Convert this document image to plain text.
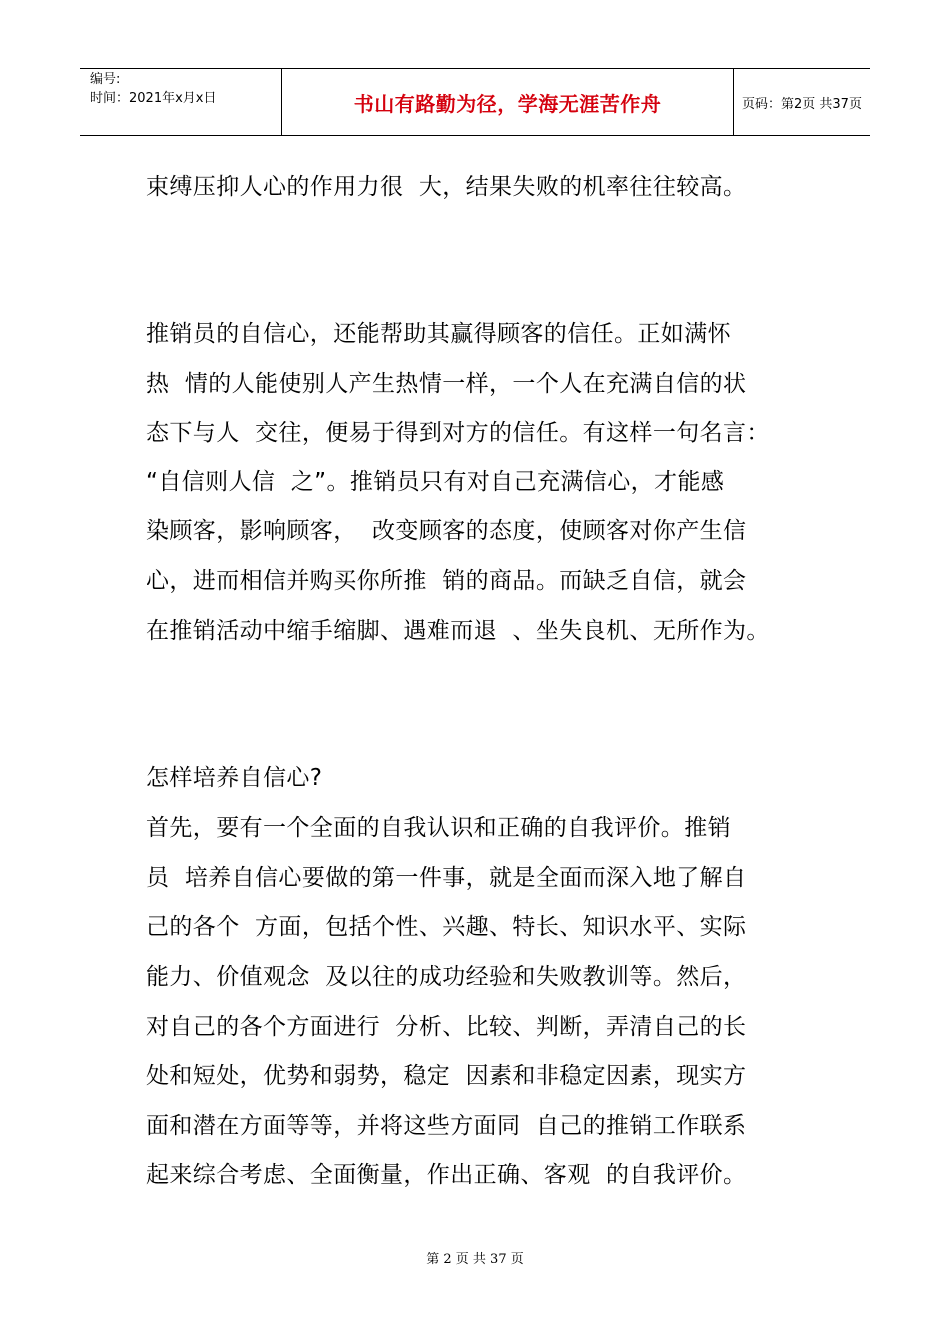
编号:
时间：2021年x月x日	书山有路勤为径，学海无涯苦作舟	页码：第2页 共37页
束缚压抑人心的作用力很  大，结果失败的机率往往较高。
推销员的自信心，还能帮助其赢得顾客的信任。正如满怀
热  情的人能使别人产生热情一样，一个人在充满自信的状
态下与人  交往，便易于得到对方的信任。有这样一句名言：
“自信则人信  之”。推销员只有对自己充满信心，才能感
染顾客，影响顾客，  改变顾客的态度，使顾客对你产生信
心，进而相信并购买你所推  销的商品。而缺乏自信，就会
在推销活动中缩手缩脚、遇难而退  、坐失良机、无所作为。
怎样培养自信心?
首先，要有一个全面的自我认识和正确的自我评价。推销
员  培养自信心要做的第一件事，就是全面而深入地了解自
己的各个  方面，包括个性、兴趣、特长、知识水平、实际
能力、价值观念  及以往的成功经验和失败教训等。然后，
对自己的各个方面进行  分析、比较、判断，弄清自己的长
处和短处，优势和弱势，稳定  因素和非稳定因素，现实方
面和潜在方面等等，并将这些方面同  自己的推销工作联系
起来综合考虑、全面衡量，作出正确、客观  的自我评价。
第 2 页 共 37 页
